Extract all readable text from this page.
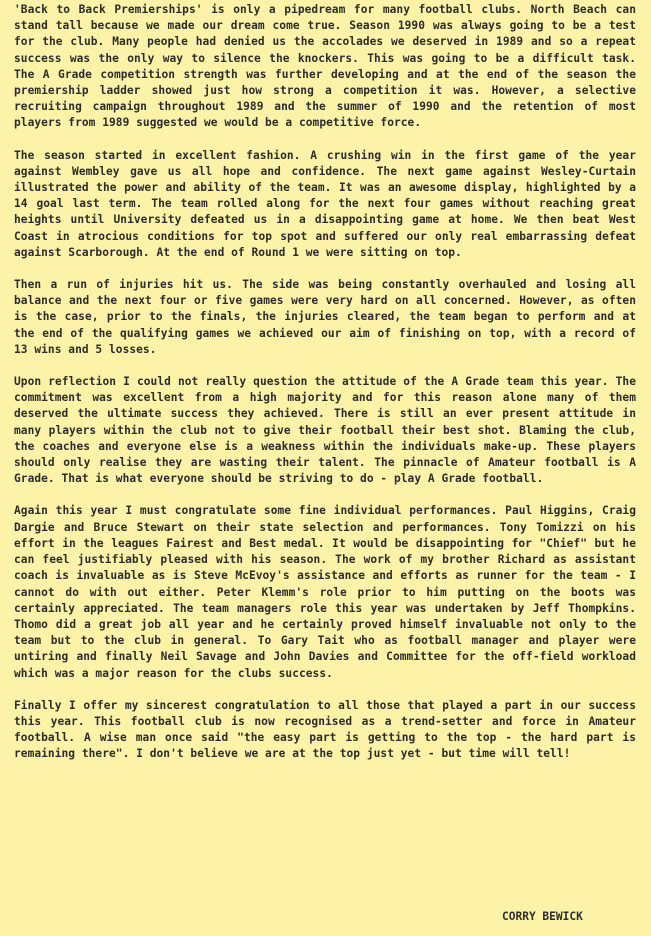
'Back to Back Premierships' is only a pipedream for many football clubs. North Beach can stand tall because we made our dream come true. Season 1990 was always going to be a test for the club. Many people had denied us the accolades we deserved in 1989 and so a repeat success was the only way to silence the knockers. This was going to be a difficult task. The A Grade competition strength was further developing and at the end of the season the premiership ladder showed just how strong a competition it was. However, a selective recruiting campaign throughout 1989 and the summer of 1990 and the retention of most players from 1989 suggested we would be a competitive force.

The season started in excellent fashion. A crushing win in the first game of the year against Wembley gave us all hope and confidence. The next game against Wesley-Curtain illustrated the power and ability of the team. It was an awesome display, highlighted by a 14 goal last term. The team rolled along for the next four games without reaching great heights until University defeated us in a disappointing game at home. We then beat West Coast in atrocious conditions for top spot and suffered our only real embarrassing defeat against Scarborough. At the end of Round 1 we were sitting on top.

Then a run of injuries hit us. The side was being constantly overhauled and losing all balance and the next four or five games were very hard on all concerned. However, as often is the case, prior to the finals, the injuries cleared, the team began to perform and at the end of the qualifying games we achieved our aim of finishing on top, with a record of 13 wins and 5 losses.

Upon reflection I could not really question the attitude of the A Grade team this year. The commitment was excellent from a high majority and for this reason alone many of them deserved the ultimate success they achieved. There is still an ever present attitude in many players within the club not to give their football their best shot. Blaming the club, the coaches and everyone else is a weakness within the individuals make-up. These players should only realise they are wasting their talent. The pinnacle of Amateur football is A Grade. That is what everyone should be striving to do - play A Grade football.

Again this year I must congratulate some fine individual performances. Paul Higgins, Craig Dargie and Bruce Stewart on their state selection and performances. Tony Tomizzi on his effort in the leagues Fairest and Best medal. It would be disappointing for "Chief" but he can feel justifiably pleased with his season. The work of my brother Richard as assistant coach is invaluable as is Steve McEvoy's assistance and efforts as runner for the team - I cannot do with out either. Peter Klemm's role prior to him putting on the boots was certainly appreciated. The team managers role this year was undertaken by Jeff Thompkins. Thomo did a great job all year and he certainly proved himself invaluable not only to the team but to the club in general. To Gary Tait who as football manager and player were untiring and finally Neil Savage and John Davies and Committee for the off-field workload which was a major reason for the clubs success.

Finally I offer my sincerest congratulation to all those that played a part in our success this year. This football club is now recognised as a trend-setter and force in Amateur football. A wise man once said "the easy part is getting to the top - the hard part is remaining there". I don't believe we are at the top just yet - but time will tell!

CORRY BEWICK
